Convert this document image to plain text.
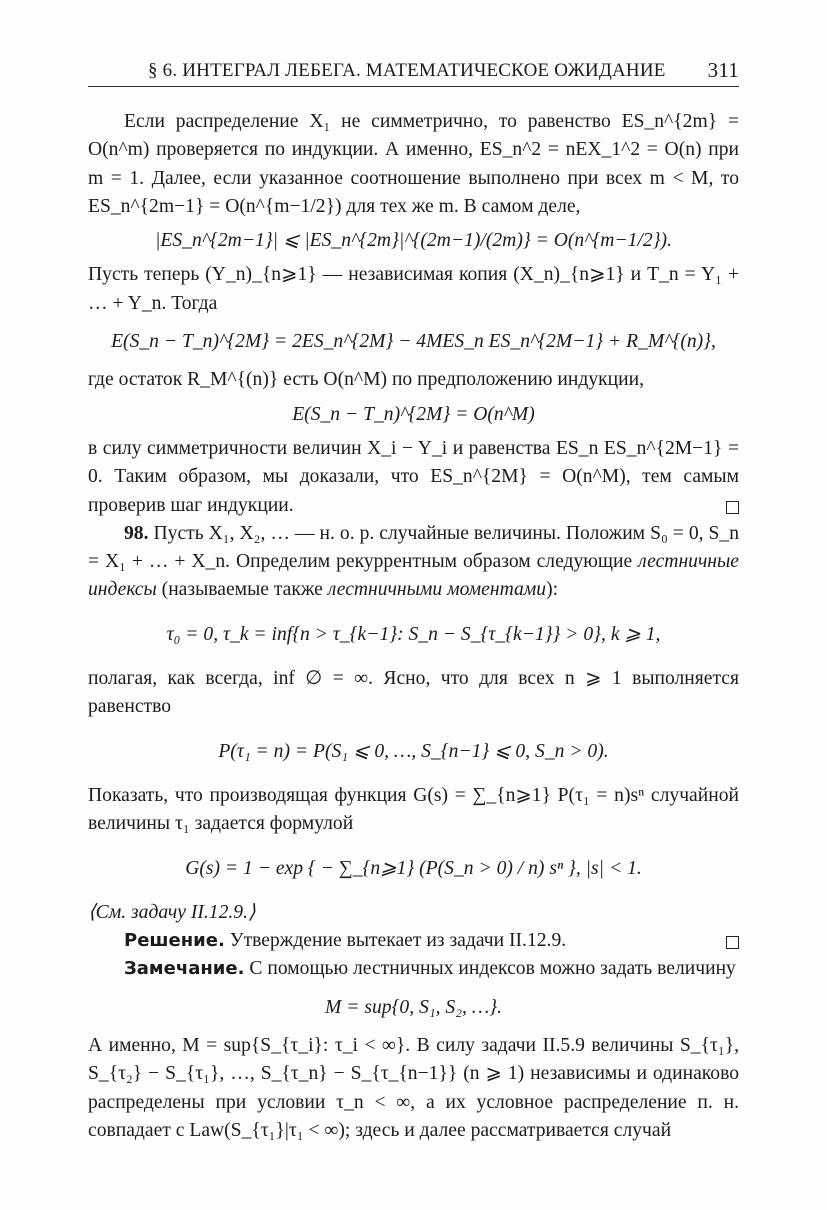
§ 6. ИНТЕГРАЛ ЛЕБЕГА. МАТЕМАТИЧЕСКОЕ ОЖИДАНИЕ 311

Если распределение X₁ не симметрично, то равенство ES_n^{2m} = O(n^m) проверяется по индукции. А именно, ES_n^2 = nEX_1^2 = O(n) при m = 1. Далее, если указанное соотношение выполнено при всех m < M, то ES_n^{2m−1} = O(n^{m−1/2}) для тех же m. В самом деле,

|ES_n^{2m−1}| ⩽ |ES_n^{2m}|^{(2m−1)/(2m)} = O(n^{m−1/2}).

Пусть теперь (Y_n)_{n⩾1} — независимая копия (X_n)_{n⩾1} и T_n = Y₁ + … + Y_n. Тогда

E(S_n − T_n)^{2M} = 2ES_n^{2M} − 4MES_n ES_n^{2M−1} + R_M^{(n)},

где остаток R_M^{(n)} есть O(n^M) по предположению индукции,

E(S_n − T_n)^{2M} = O(n^M)

в силу симметричности величин X_i − Y_i и равенства ES_n ES_n^{2M−1} = 0. Таким образом, мы доказали, что ES_n^{2M} = O(n^M), тем самым проверив шаг индукции.

98. Пусть X₁, X₂, … — н. о. р. случайные величины. Положим S₀ = 0, S_n = X₁ + … + X_n. Определим рекуррентным образом следующие лестничные индексы (называемые также лестничными моментами):

τ₀ = 0, τ_k = inf{n > τ_{k−1}: S_n − S_{τ_{k−1}} > 0}, k ⩾ 1,

полагая, как всегда, inf ∅ = ∞. Ясно, что для всех n ⩾ 1 выполняется равенство

P(τ₁ = n) = P(S₁ ⩽ 0, …, S_{n−1} ⩽ 0, S_n > 0).

Показать, что производящая функция G(s) = ∑_{n⩾1} P(τ₁ = n)sⁿ случайной величины τ₁ задается формулой

G(s) = 1 − exp { − ∑_{n⩾1} (P(S_n > 0) / n) sⁿ }, |s| < 1.

⟨См. задачу II.12.9.⟩

Решение. Утверждение вытекает из задачи II.12.9.

Замечание. С помощью лестничных индексов можно задать величину

M = sup{0, S₁, S₂, …}.

А именно, M = sup{S_{τ_i}: τ_i < ∞}. В силу задачи II.5.9 величины S_{τ₁}, S_{τ₂} − S_{τ₁}, …, S_{τ_n} − S_{τ_{n−1}} (n ⩾ 1) независимы и одинаково распределены при условии τ_n < ∞, а их условное распределение п. н. совпадает с Law(S_{τ₁}|τ₁ < ∞); здесь и далее рассматривается случай
